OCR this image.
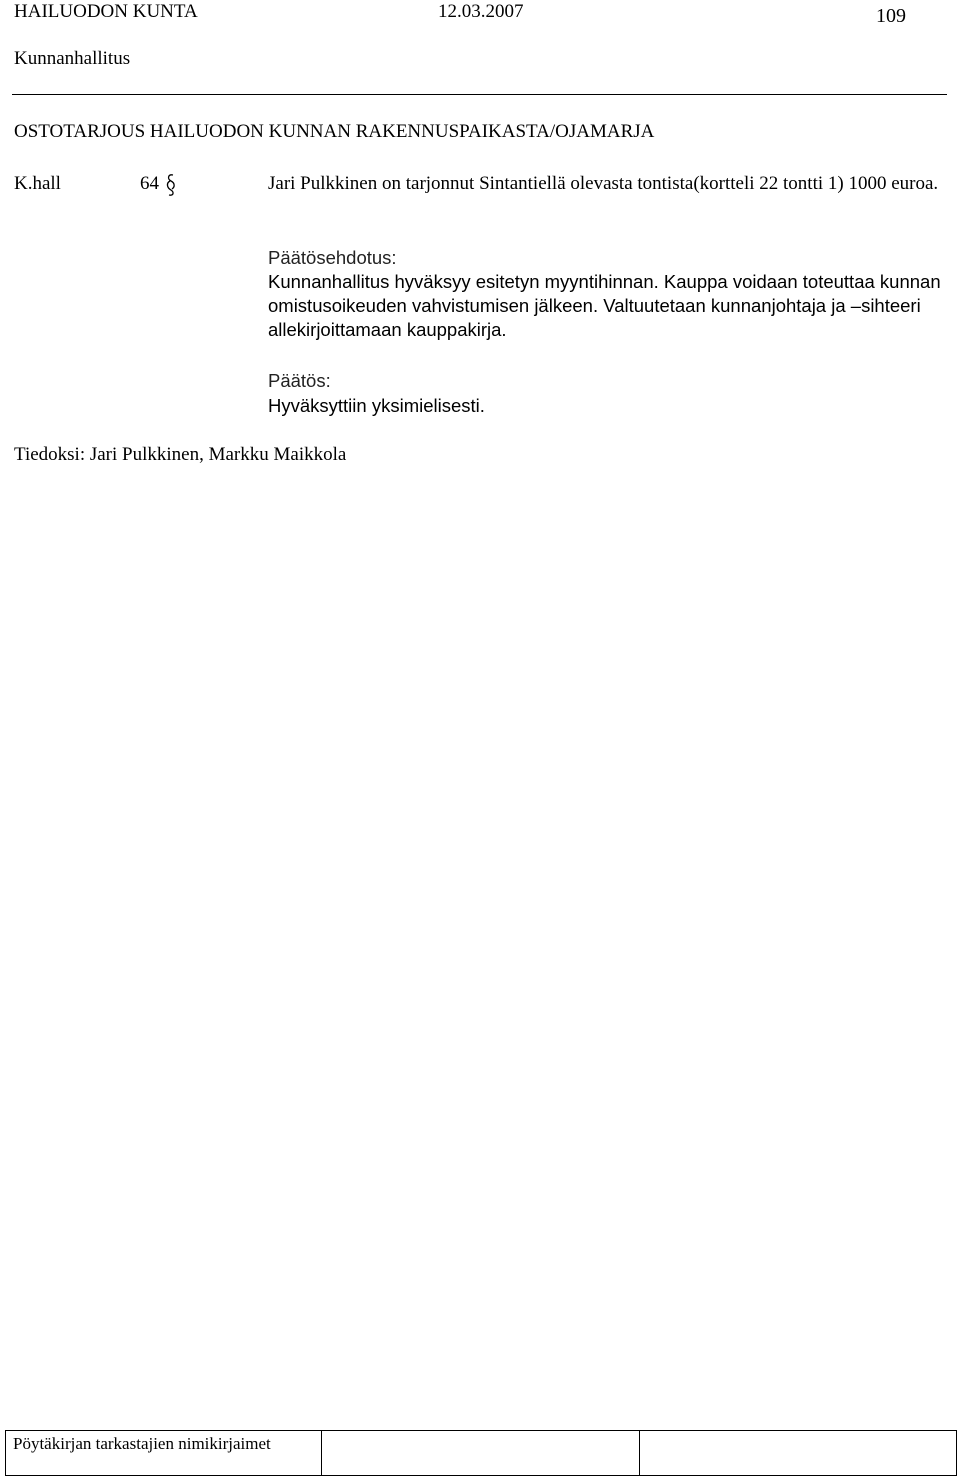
HAILUODON KUNTA	12.03.2007	109
Kunnanhallitus
OSTOTARJOUS HAILUODON KUNNAN RAKENNUSPAIKASTA/OJAMARJA
K.hall	64	Jari Pulkkinen on tarjonnut Sintantiellä olevasta tontista(kortteli 22 tontti 1) 1000 euroa.
Päätösehdotus:
Kunnanhallitus hyväksyy esitetyn myyntihinnan. Kauppa voidaan toteuttaa kunnan omistusoikeuden vahvistumisen jälkeen. Valtuutetaan kunnanjohtaja ja –sihteeri allekirjoittamaan kauppakirja.
Päätös:
Hyväksyttiin yksimielisesti.
Tiedoksi: Jari Pulkkinen, Markku Maikkola
Pöytäkirjan tarkastajien nimikirjaimet
